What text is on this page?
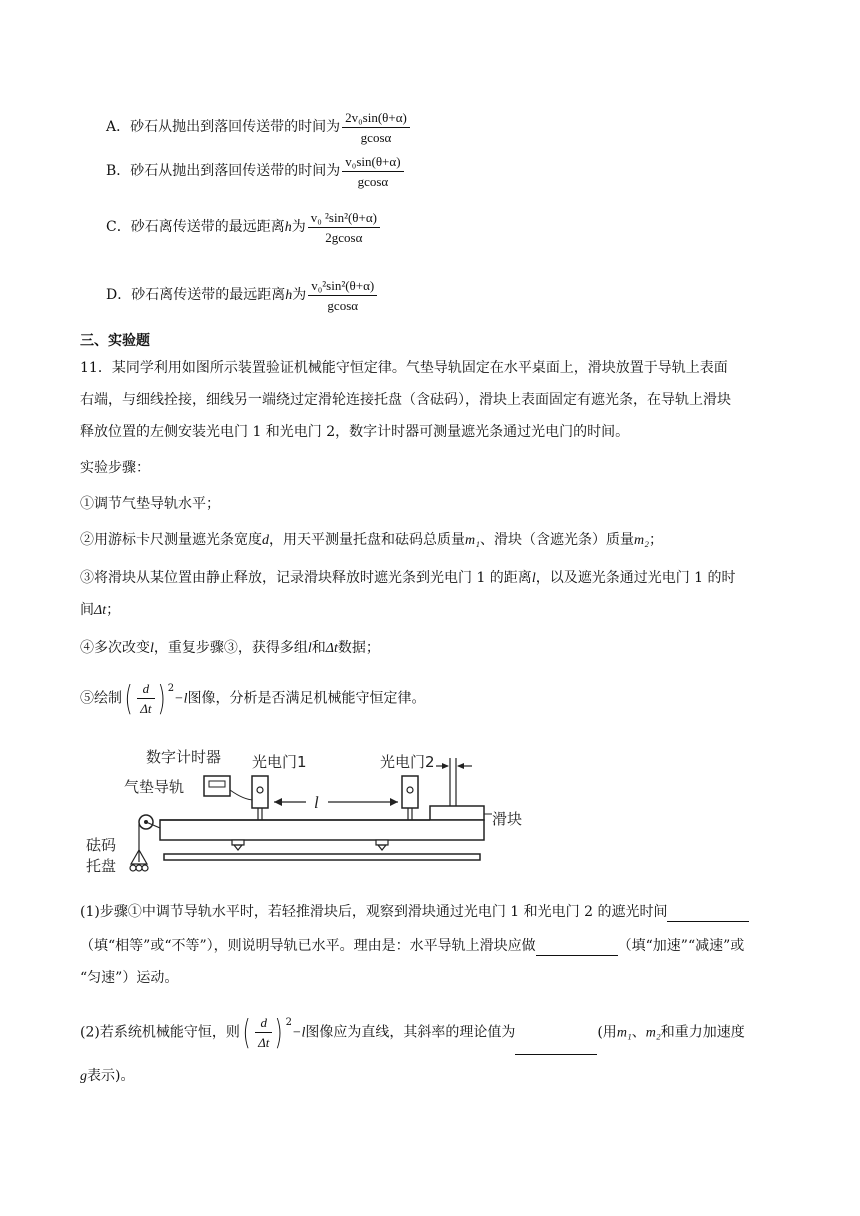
A．砂石从抛出到落回传送带的时间为 $\frac{\text{2v₀sin(θ+α)}}{gcos\alpha}$
B．砂石从抛出到落回传送带的时间为 $\frac{\text{v₀sin(θ+α)}}{gcos\alpha}$
C．砂石离传送带的最远距离h为 $\frac{\text{v₀ ²sin²(θ+α)}}{2gcos\alpha}$
D．砂石离传送带的最远距离h为 $\frac{\text{v₀²sin²(θ+α)}}{gcos\alpha}$
三、实验题
11．某同学利用如图所示装置验证机械能守恒定律。气垫导轨固定在水平桌面上，滑块放置于导轨上表面
右端，与细线拴接，细线另一端绕过定滑轮连接托盘（含砝码），滑块上表面固定有遮光条，在导轨上滑块
释放位置的左侧安装光电门 1 和光电门 2，数字计时器可测量遮光条通过光电门的时间。
实验步骤：
①调节气垫导轨水平；
②用游标卡尺测量遮光条宽度d，用天平测量托盘和砝码总质量m₁、滑块（含遮光条）质量m₂；
③将滑块从某位置由静止释放，记录滑块释放时遮光条到光电门 1 的距离l，以及遮光条通过光电门 1 的时
间Δt；
④多次改变l，重复步骤③，获得多组l和Δt数据；
⑤绘制( $\frac{d}{\Delta t}$ ) $^2$−l图像，分析是否满足机械能守恒定律。
数字计时器 光电门1	光电门2
气垫导轨
滑块
砝码
托盘
l
(1)步骤①中调节导轨水平时，若轻推滑块后，观察到滑块通过光电门 1 和光电门 2 的遮光时间
（填“相等”或“不等”），则说明导轨已水平。理由是：水平导轨上滑块应做	（填“加速”“减速”或
“匀速”）运动。
(2)若系统机械能守恒，则( $\frac{d}{\Delta t}$ ) $^2$−l图像应为直线，其斜率的理论值为	(用m₁、m₂和重力加速度
g表示)。
